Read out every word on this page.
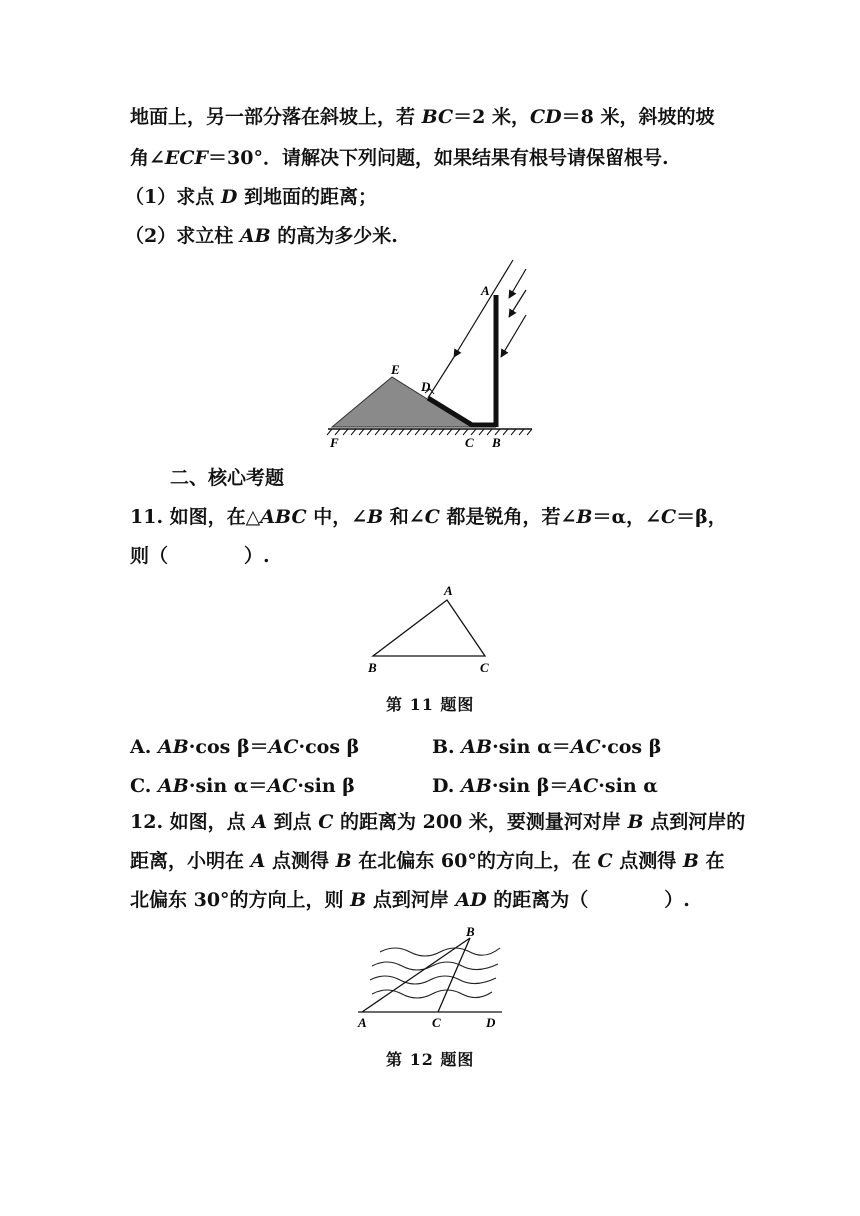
地面上，另一部分落在斜坡上，若 BC＝2 米，CD＝8 米，斜坡的坡
角∠ECF＝30°．请解决下列问题，如果结果有根号请保留根号.
（1）求点 D 到地面的距离；
（2）求立柱 AB 的高为多少米.
A
E
D
F	C B
二、核心考题
11. 如图，在△ABC 中，∠B 和∠C 都是锐角，若∠B＝α，∠C＝β，
则（　　　　）.
A
B	C
第 11 题图
A. AB·cos β＝AC·cos β	B. AB·sin α＝AC·cos β
C. AB·sin α＝AC·sin β	D. AB·sin β＝AC·sin α
12. 如图，点 A 到点 C 的距离为 200 米，要测量河对岸 B 点到河岸的
距离，小明在 A 点测得 B 在北偏东 60°的方向上，在 C 点测得 B 在
北偏东 30°的方向上，则 B 点到河岸 AD 的距离为（　　　　）.
B
A	C	D
第 12 题图
